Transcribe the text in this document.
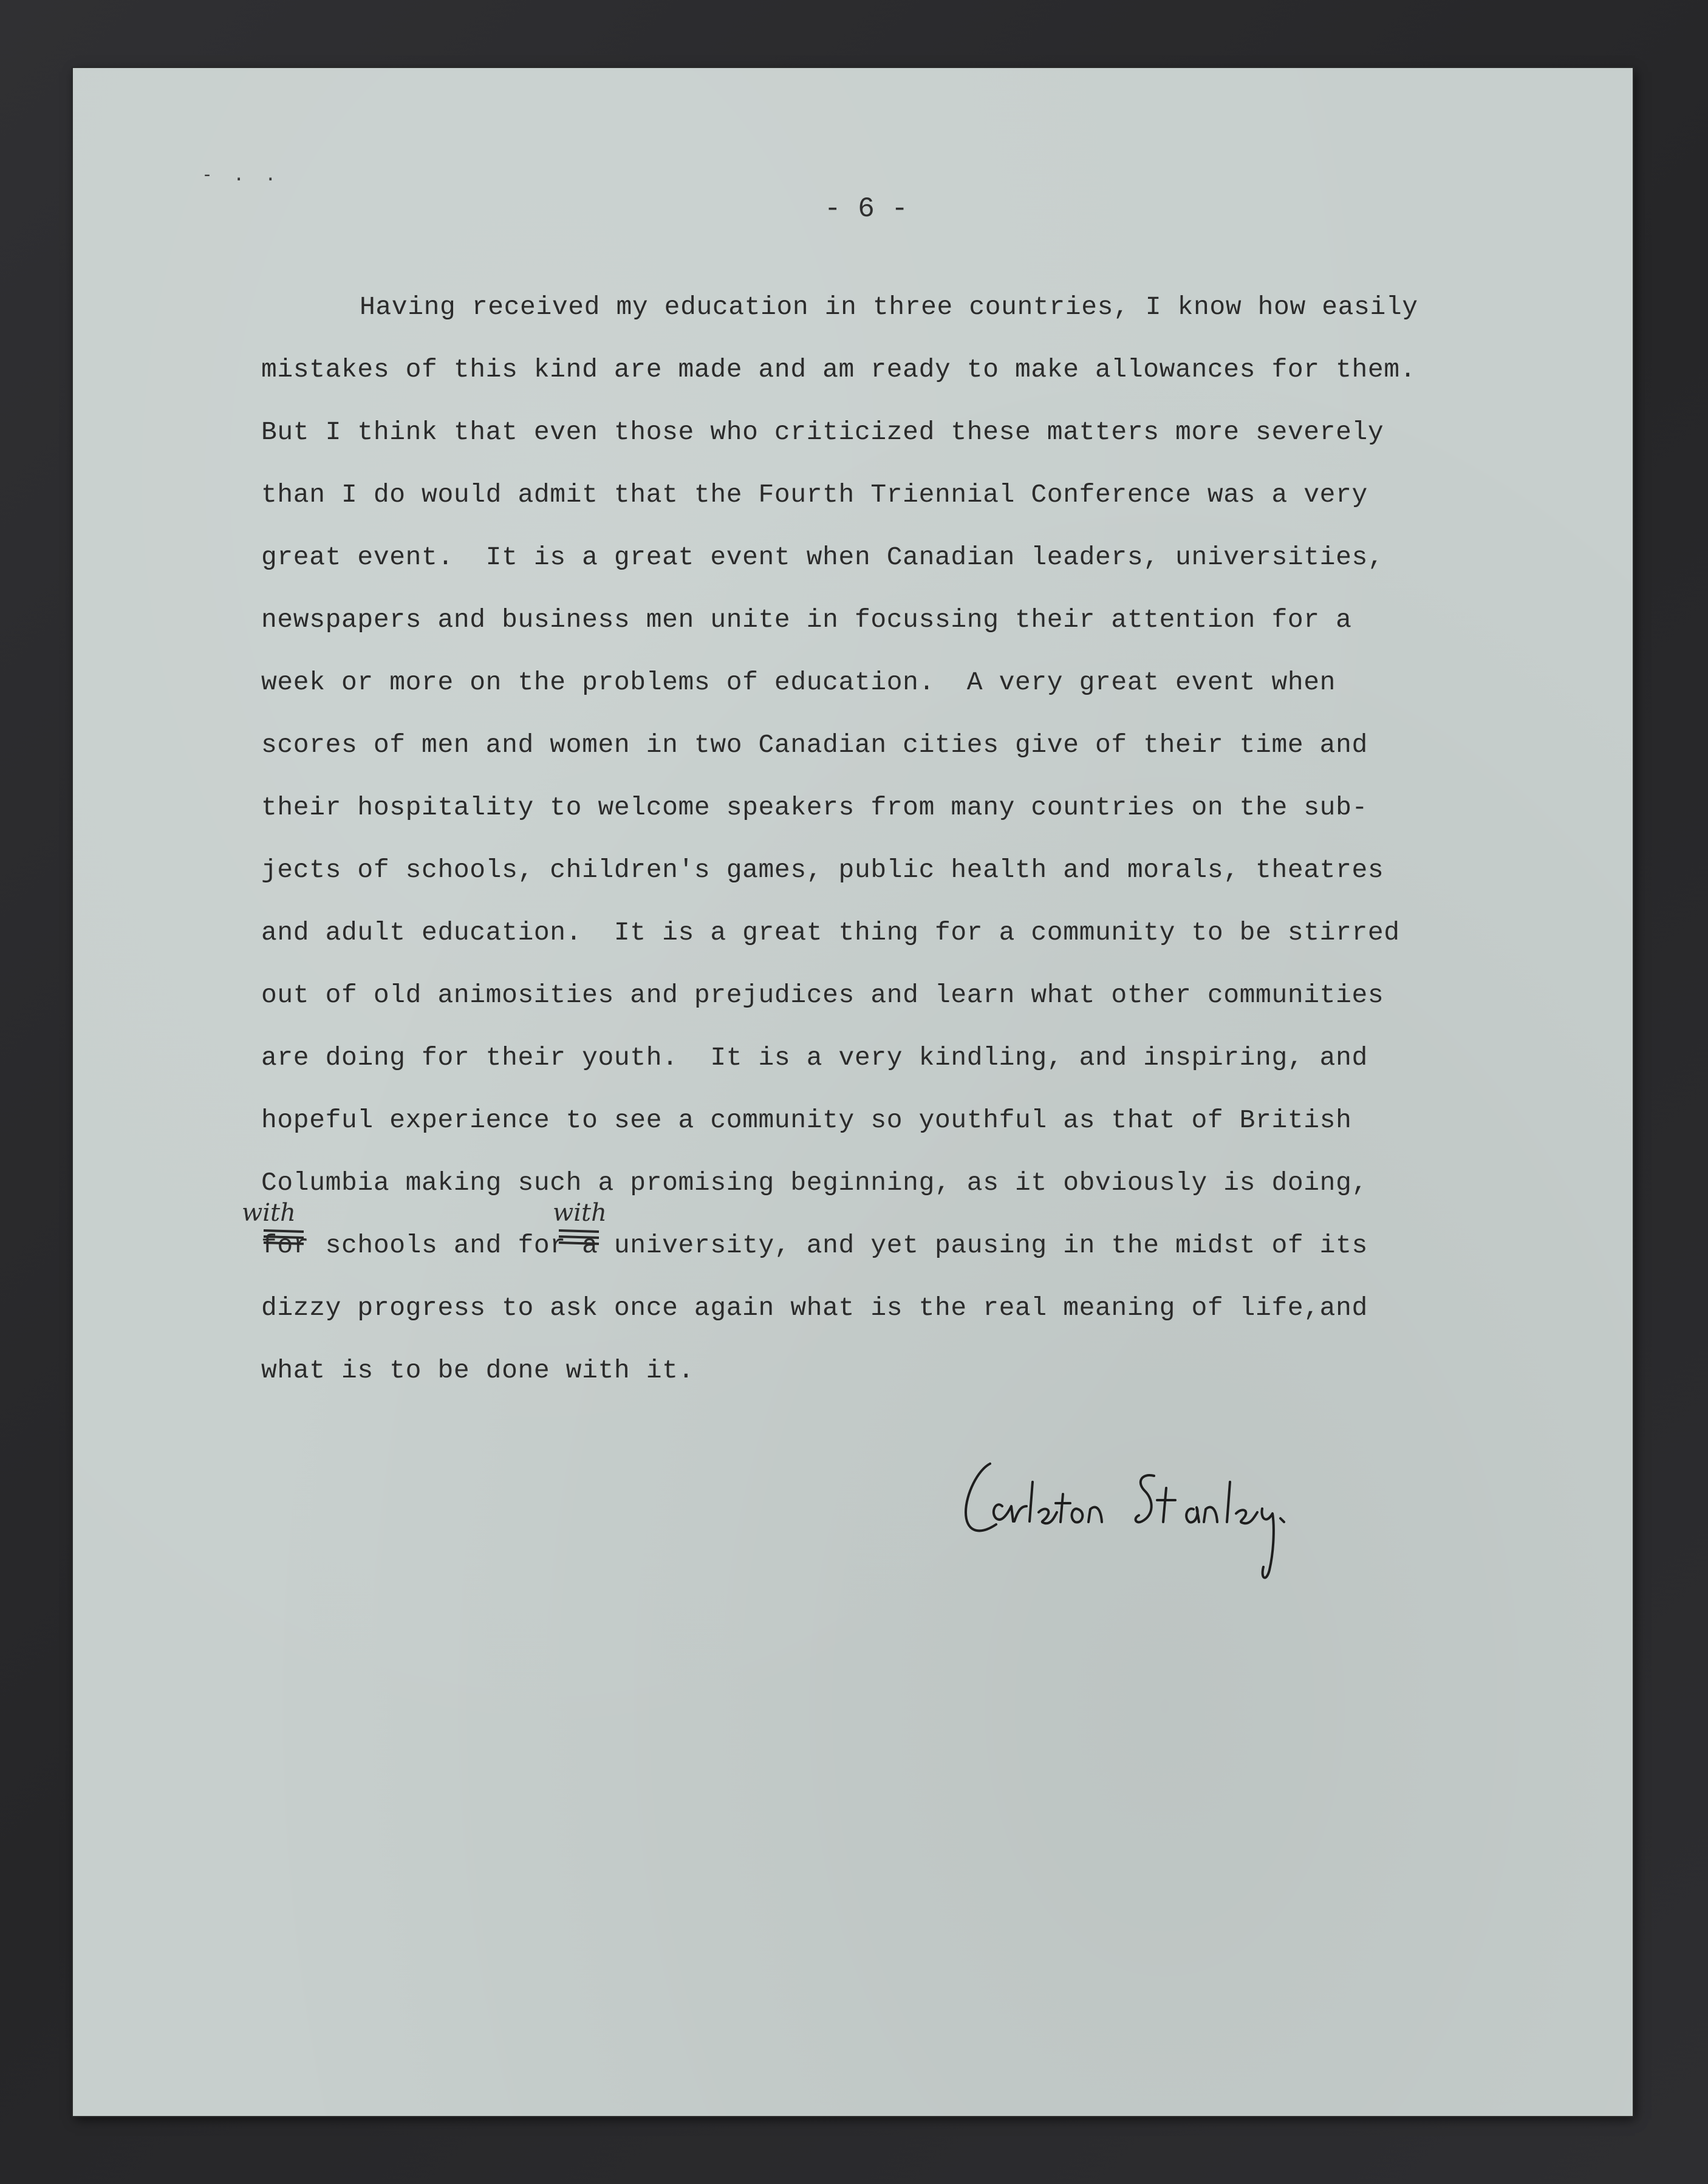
- . .
- 6 -
Having received my education in three countries, I know how easily
mistakes of this kind are made and am ready to make allowances for them.
But I think that even those who criticized these matters more severely
than I do would admit that the Fourth Triennial Conference was a very
great event.  It is a great event when Canadian leaders, universities,
newspapers and business men unite in focussing their attention for a
week or more on the problems of education.  A very great event when
scores of men and women in two Canadian cities give of their time and
their hospitality to welcome speakers from many countries on the sub-
jects of schools, children's games, public health and morals, theatres
and adult education.  It is a great thing for a community to be stirred
out of old animosities and prejudices and learn what other communities
are doing for their youth.  It is a very kindling, and inspiring, and
hopeful experience to see a community so youthful as that of British
Columbia making such a promising beginning, as it obviously is doing,
for schools and for a university, and yet pausing in the midst of its
dizzy progress to ask once again what is the real meaning of life,and
what is to be done with it.
with	with
